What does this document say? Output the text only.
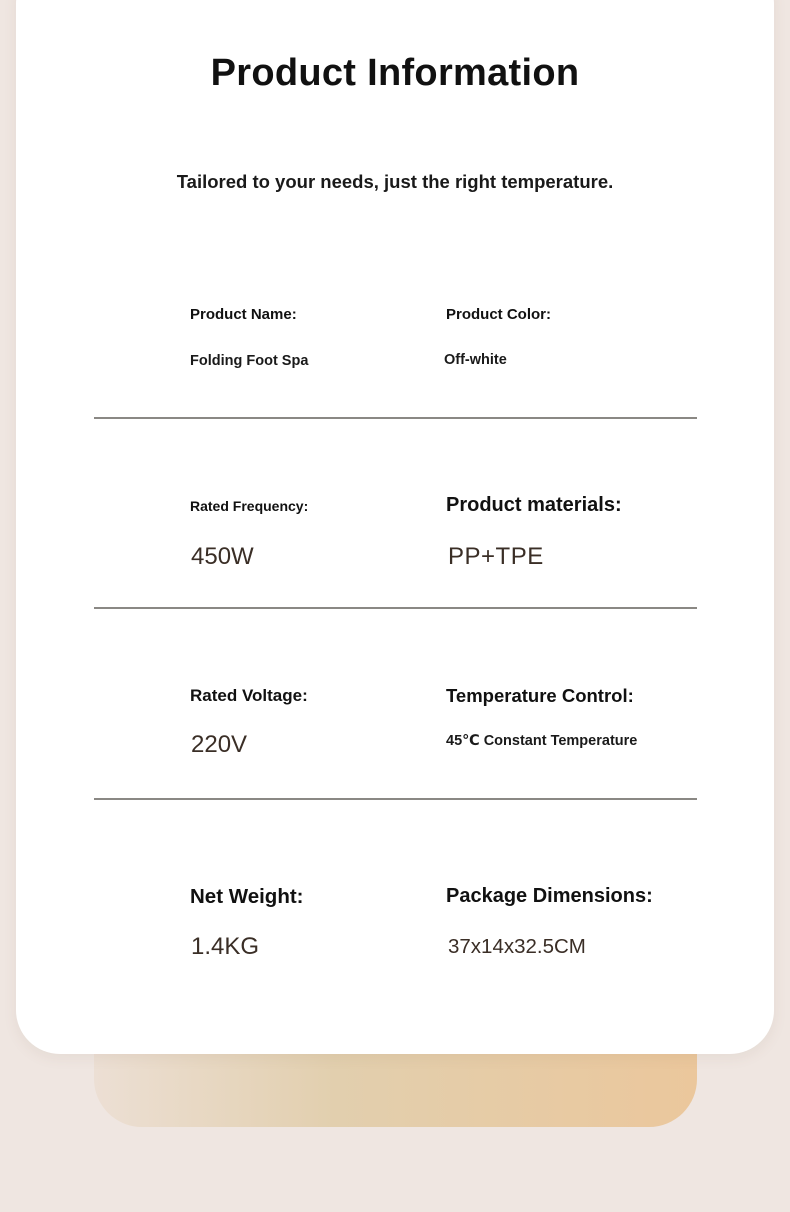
Product Information
Tailored to your needs, just the right temperature.
Product Name:
Folding Foot Spa
Product Color:
Off-white
Rated Frequency:
450W
Product materials:
PP+TPE
Rated Voltage:
220V
Temperature Control:
45℃ Constant Temperature
Net Weight:
1.4KG
Package Dimensions:
37x14x32.5CM
